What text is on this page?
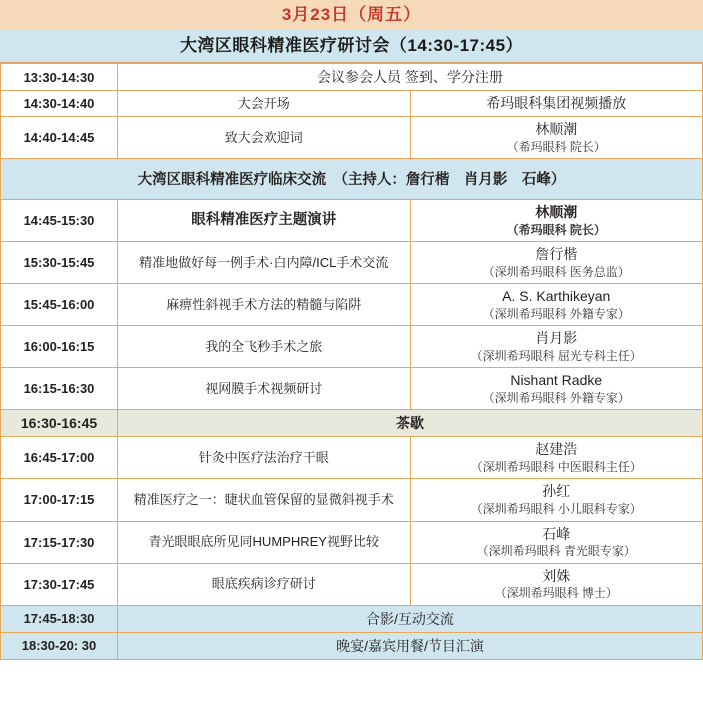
3月23日（周五）
大湾区眼科精准医疗研讨会（14:30-17:45）
13:30-14:30	会议参会人员 签到、学分注册	
14:30-14:40	大会开场	希玛眼科集团视频播放

14:40-14:45	致大会欢迎词	林顺潮
（希玛眼科 院长）

大湾区眼科精准医疗临床交流　（主持人：詹行楷　肖月影　石峰）		
14:45-15:30	眼科精准医疗主题演讲	林顺潮
（希玛眼科 院长）

15:30-15:45	精准地做好每一例手术·白内障/ICL手术交流	詹行楷
（深圳希玛眼科 医务总监）

15:45-16:00	麻痹性斜视手术方法的精髓与陷阱	A. S. Karthikeyan
（深圳希玛眼科 外籍专家）

16:00-16:15	我的全飞秒手术之旅	肖月影
（深圳希玛眼科 屈光专科主任）

16:15-16:30	视网膜手术视频研讨	Nishant Radke
（深圳希玛眼科 外籍专家）

16:30-16:45	茶歇	
16:45-17:00	针灸中医疗法治疗干眼	赵建浩
（深圳希玛眼科 中医眼科主任）

17:00-17:15	精准医疗之一：睫状血管保留的显微斜视手术	孙红
（深圳希玛眼科 小儿眼科专家）

17:15-17:30	青光眼眼底所见同HUMPHREY视野比较	石峰
（深圳希玛眼科 青光眼专家）

17:30-17:45	眼底疾病诊疗研讨	刘姝
（深圳希玛眼科 博士）

17:45-18:30	合影/互动交流	
18:30-20: 30	晚宴/嘉宾用餐/节目汇演	
